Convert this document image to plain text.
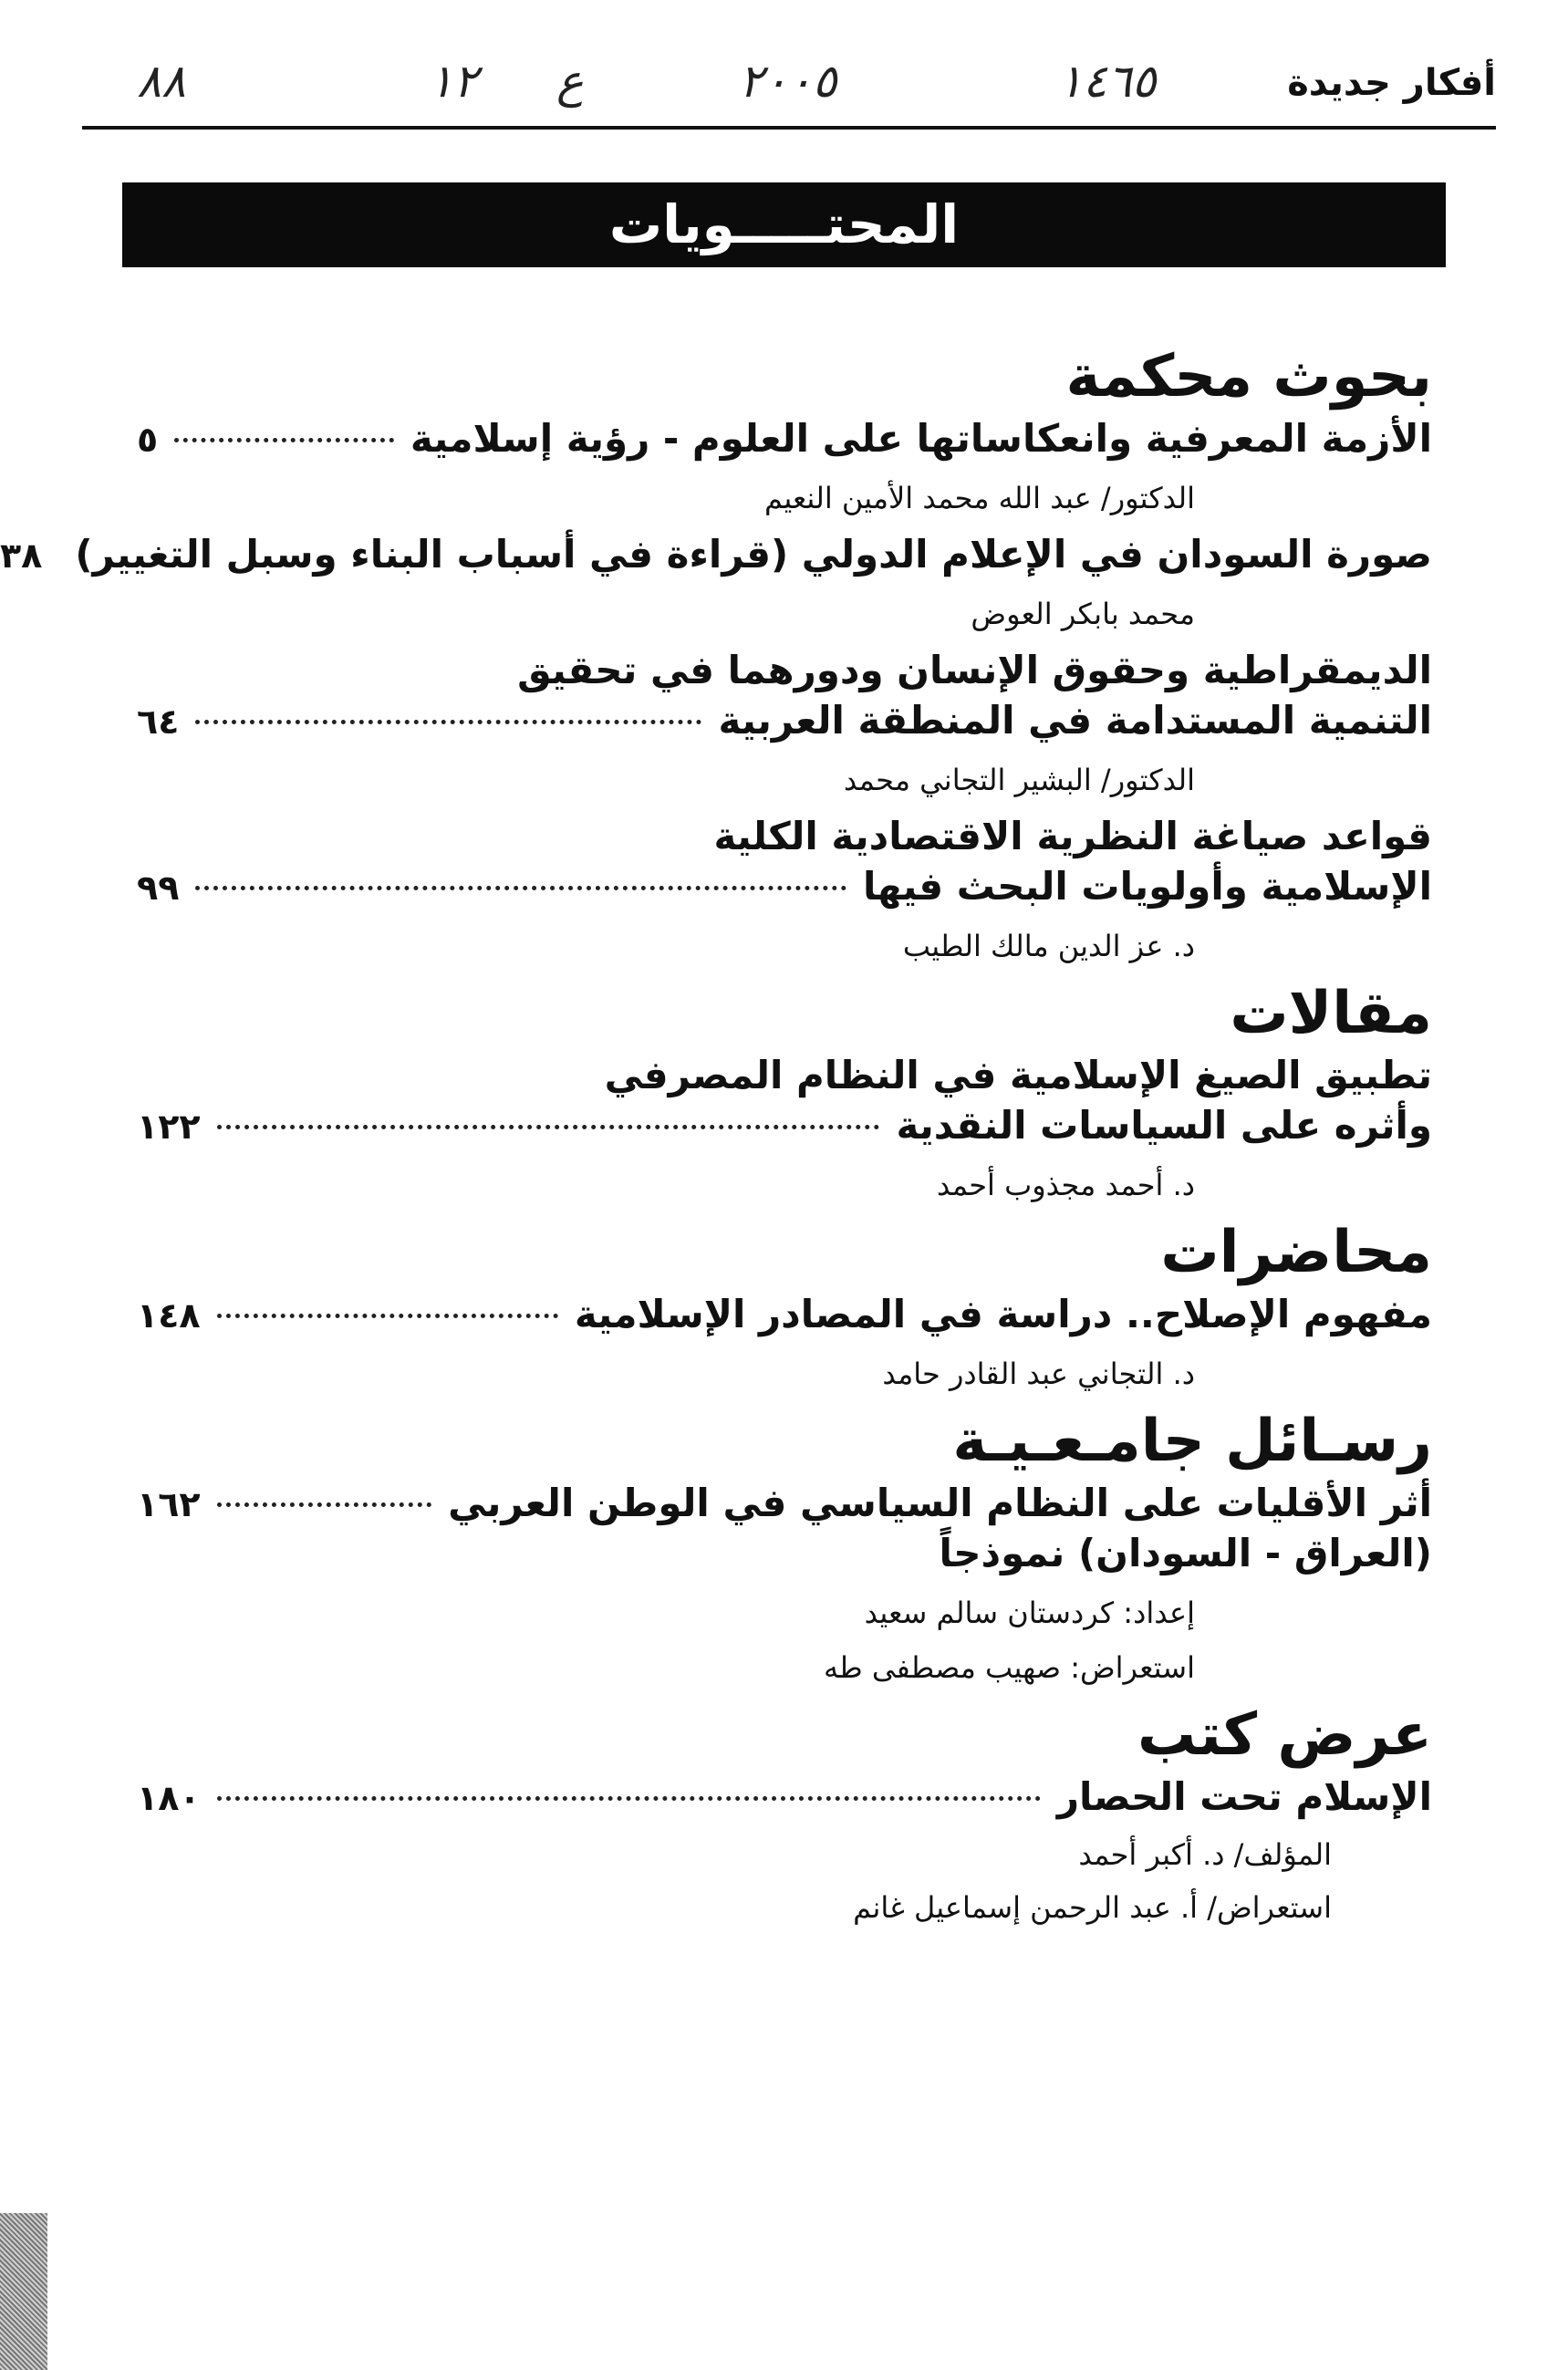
أفكار جديدة
١٤٦٥
٢٠٠٥
ع
١٢
٨٨
المحتـــــويات
بحوث محكمة
الأزمة المعرفية وانعكاساتها على العلوم - رؤية إسلامية
٥
الدكتور/ عبد الله محمد الأمين النعيم
صورة السودان في الإعلام الدولي (قراءة في أسباب البناء وسبل التغيير)
٣٨
محمد بابكر العوض
الديمقراطية وحقوق الإنسان ودورهما في تحقيق
التنمية المستدامة في المنطقة العربية
٦٤
الدكتور/ البشير التجاني محمد
قواعد صياغة النظرية الاقتصادية الكلية
الإسلامية وأولويات البحث فيها
٩٩
د. عز الدين مالك الطيب
مقالات
تطبيق الصيغ الإسلامية في النظام المصرفي
وأثره على السياسات النقدية
١٢٢
د. أحمد مجذوب أحمد
محاضرات
مفهوم الإصلاح.. دراسة في المصادر الإسلامية
١٤٨
د. التجاني عبد القادر حامد
رسـائل جامـعـيـة
أثر الأقليات على النظام السياسي في الوطن العربي
١٦٢
(العراق - السودان) نموذجاً
إعداد: كردستان سالم سعيد
استعراض: صهيب مصطفى طه
عرض كتب
الإسلام تحت الحصار
١٨٠
المؤلف/ د. أكبر أحمد
استعراض/ أ. عبد الرحمن إسماعيل غانم
